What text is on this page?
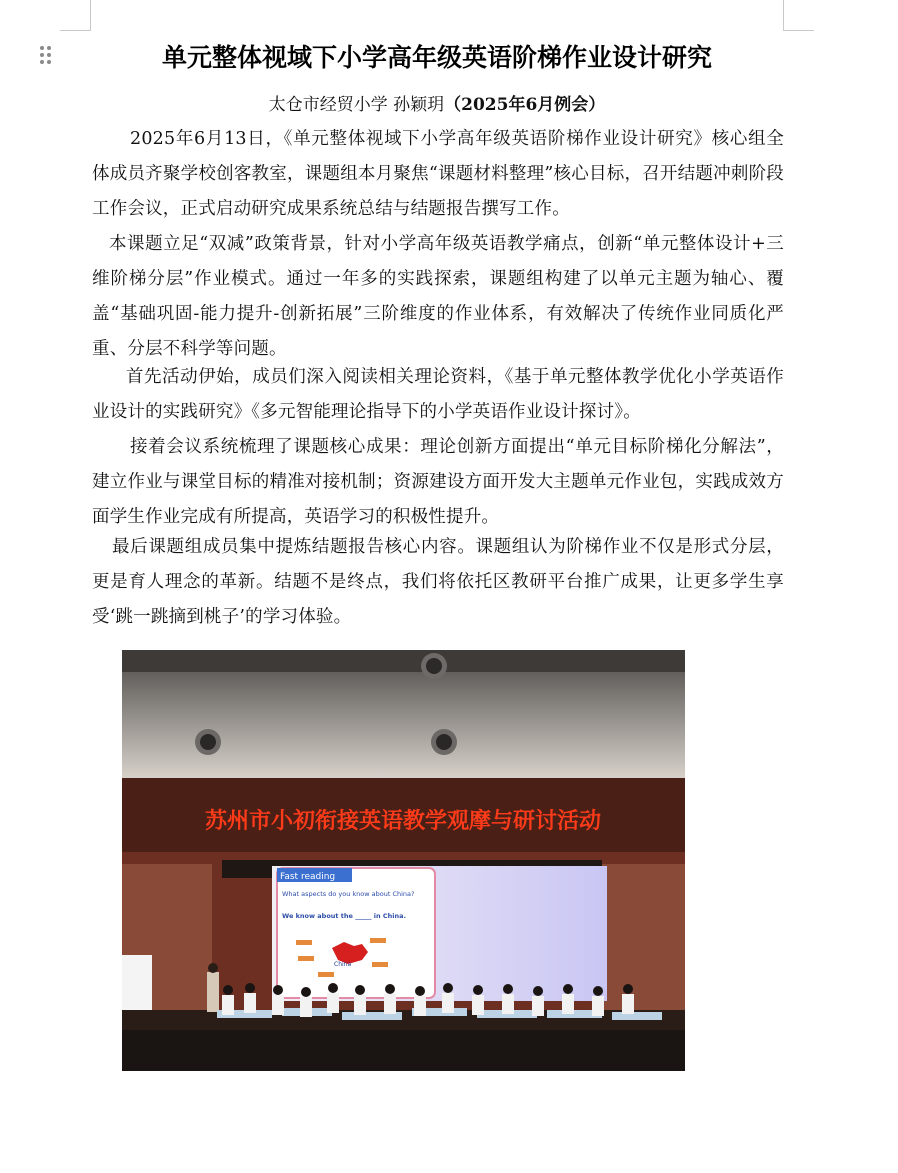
单元整体视域下小学高年级英语阶梯作业设计研究
太仓市经贸小学 孙颖玥（2025年6月例会）

2025年6月13日，《单元整体视域下小学高年级英语阶梯作业设计研究》核心组全体成员齐聚学校创客教室，课题组本月聚焦“课题材料整理”核心目标，召开结题冲刺阶段工作会议，正式启动研究成果系统总结与结题报告撰写工作。

本课题立足“双减”政策背景，针对小学高年级英语教学痛点，创新“单元整体设计+三维阶梯分层”作业模式。通过一年多的实践探索，课题组构建了以单元主题为轴心、覆盖“基础巩固-能力提升-创新拓展”三阶维度的作业体系，有效解决了传统作业同质化严重、分层不科学等问题。

首先活动伊始，成员们深入阅读相关理论资料，《基于单元整体教学优化小学英语作业设计的实践研究》《多元智能理论指导下的小学英语作业设计探讨》。

接着会议系统梳理了课题核心成果：理论创新方面提出“单元目标阶梯化分解法”，建立作业与课堂目标的精准对接机制；资源建设方面开发大主题单元作业包，实践成效方面学生作业完成有所提高，英语学习的积极性提升。

最后课题组成员集中提炼结题报告核心内容。课题组认为阶梯作业不仅是形式分层，更是育人理念的革新。结题不是终点，我们将依托区教研平台推广成果，让更多学生享受‘跳一跳摘到桃子’的学习体验。

苏州市小初衔接英语教学观摩与研讨活动
Fast reading
What aspects do you know about China?
We know about the _____ in China.
China
